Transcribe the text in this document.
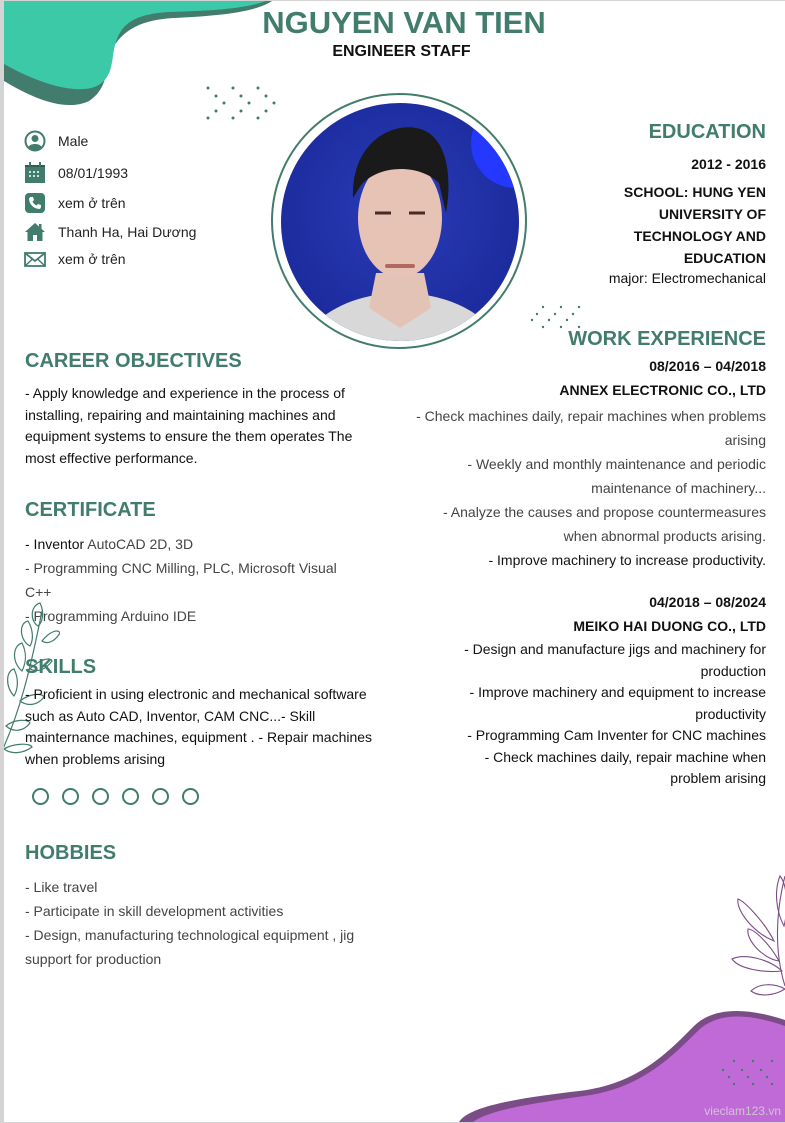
NGUYEN VAN TIEN
ENGINEER STAFF
Male
08/01/1993
xem ở trên
Thanh Ha, Hai Dương
xem ở trên
EDUCATION
2012 - 2016
SCHOOL: HUNG YEN
UNIVERSITY OF
TECHNOLOGY AND
EDUCATION
major: Electromechanical
WORK EXPERIENCE
08/2016 – 04/2018
ANNEX ELECTRONIC CO., LTD
- Check machines daily, repair machines when problems arising
- Weekly and monthly maintenance and periodic maintenance of machinery...
- Analyze the causes and propose countermeasures when abnormal products arising.
- Improve machinery to increase productivity.
04/2018 – 08/2024
MEIKO HAI DUONG CO., LTD
- Design and manufacture jigs and machinery for production
- Improve machinery and equipment to increase productivity
- Programming Cam Inventer for CNC machines
- Check machines daily, repair machine when problem arising
CAREER OBJECTIVES
- Apply knowledge and experience in the process of installing, repairing and maintaining machines and equipment systems to ensure the them operates The most effective performance.
CERTIFICATE
- Inventor AutoCAD 2D, 3D
- Programming CNC Milling, PLC, Microsoft Visual C++
- Programming Arduino IDE
SKILLS
- Proficient in using electronic and mechanical software such as Auto CAD, Inventor, CAM CNC...- Skill mainternance machines, equipment . - Repair machines when problems arising
HOBBIES
- Like travel
- Participate in skill development activities
- Design, manufacturing technological equipment , jig support for production
vieclam123.vn
